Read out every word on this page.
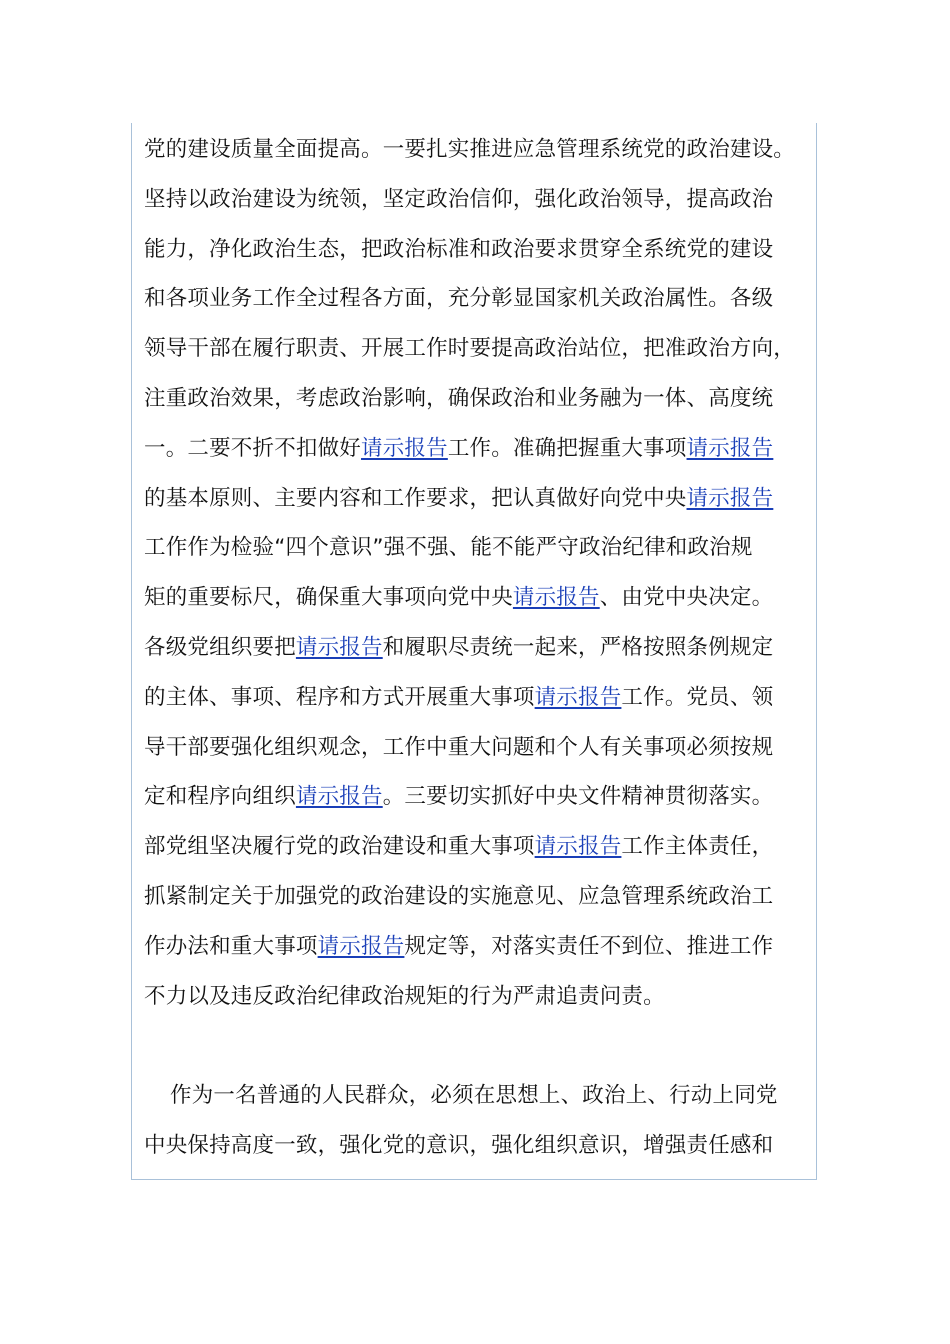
党的建设质量全面提高。一要扎实推进应急管理系统党的政治建设。
坚持以政治建设为统领，坚定政治信仰，强化政治领导，提高政治
能力，净化政治生态，把政治标准和政治要求贯穿全系统党的建设
和各项业务工作全过程各方面，充分彰显国家机关政治属性。各级
领导干部在履行职责、开展工作时要提高政治站位，把准政治方向，
注重政治效果，考虑政治影响，确保政治和业务融为一体、高度统
一。二要不折不扣做好请示报告工作。准确把握重大事项请示报告
的基本原则、主要内容和工作要求，把认真做好向党中央请示报告
工作作为检验“四个意识”强不强、能不能严守政治纪律和政治规
矩的重要标尺，确保重大事项向党中央请示报告、由党中央决定。
各级党组织要把请示报告和履职尽责统一起来，严格按照条例规定
的主体、事项、程序和方式开展重大事项请示报告工作。党员、领
导干部要强化组织观念，工作中重大问题和个人有关事项必须按规
定和程序向组织请示报告。三要切实抓好中央文件精神贯彻落实。
部党组坚决履行党的政治建设和重大事项请示报告工作主体责任，
抓紧制定关于加强党的政治建设的实施意见、应急管理系统政治工
作办法和重大事项请示报告规定等，对落实责任不到位、推进工作
不力以及违反政治纪律政治规矩的行为严肃追责问责。
作为一名普通的人民群众，必须在思想上、政治上、行动上同党
中央保持高度一致，强化党的意识，强化组织意识，增强责任感和
